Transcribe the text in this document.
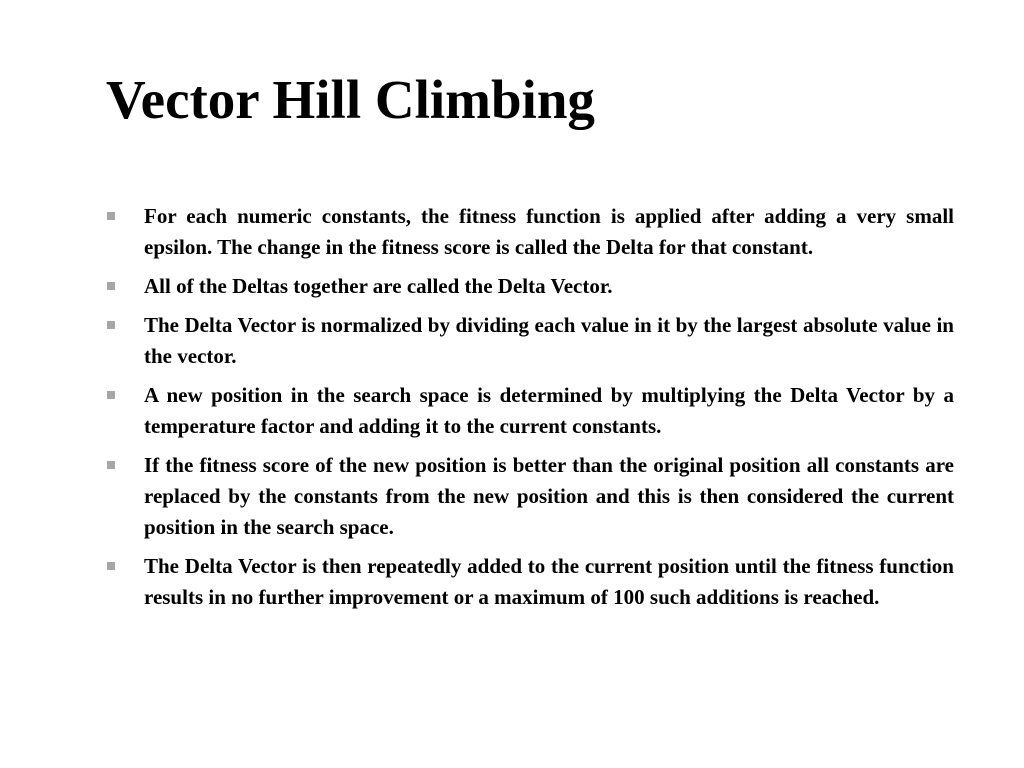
Vector Hill Climbing
For each numeric constants, the fitness function is applied after adding a very small epsilon. The change in the fitness score is called the Delta for that constant.
All of the Deltas together are called the Delta Vector.
The Delta Vector is normalized by dividing each value in it by the largest absolute value in the vector.
A new position in the search space is determined by multiplying the Delta Vector by a temperature factor and adding it to the current constants.
If the fitness score of the new position is better than the original position all constants are replaced by the constants from the new position and this is then considered the current position in the search space.
The Delta Vector is then repeatedly added to the current position until the fitness function results in no further improvement or a maximum of 100 such additions is reached.
